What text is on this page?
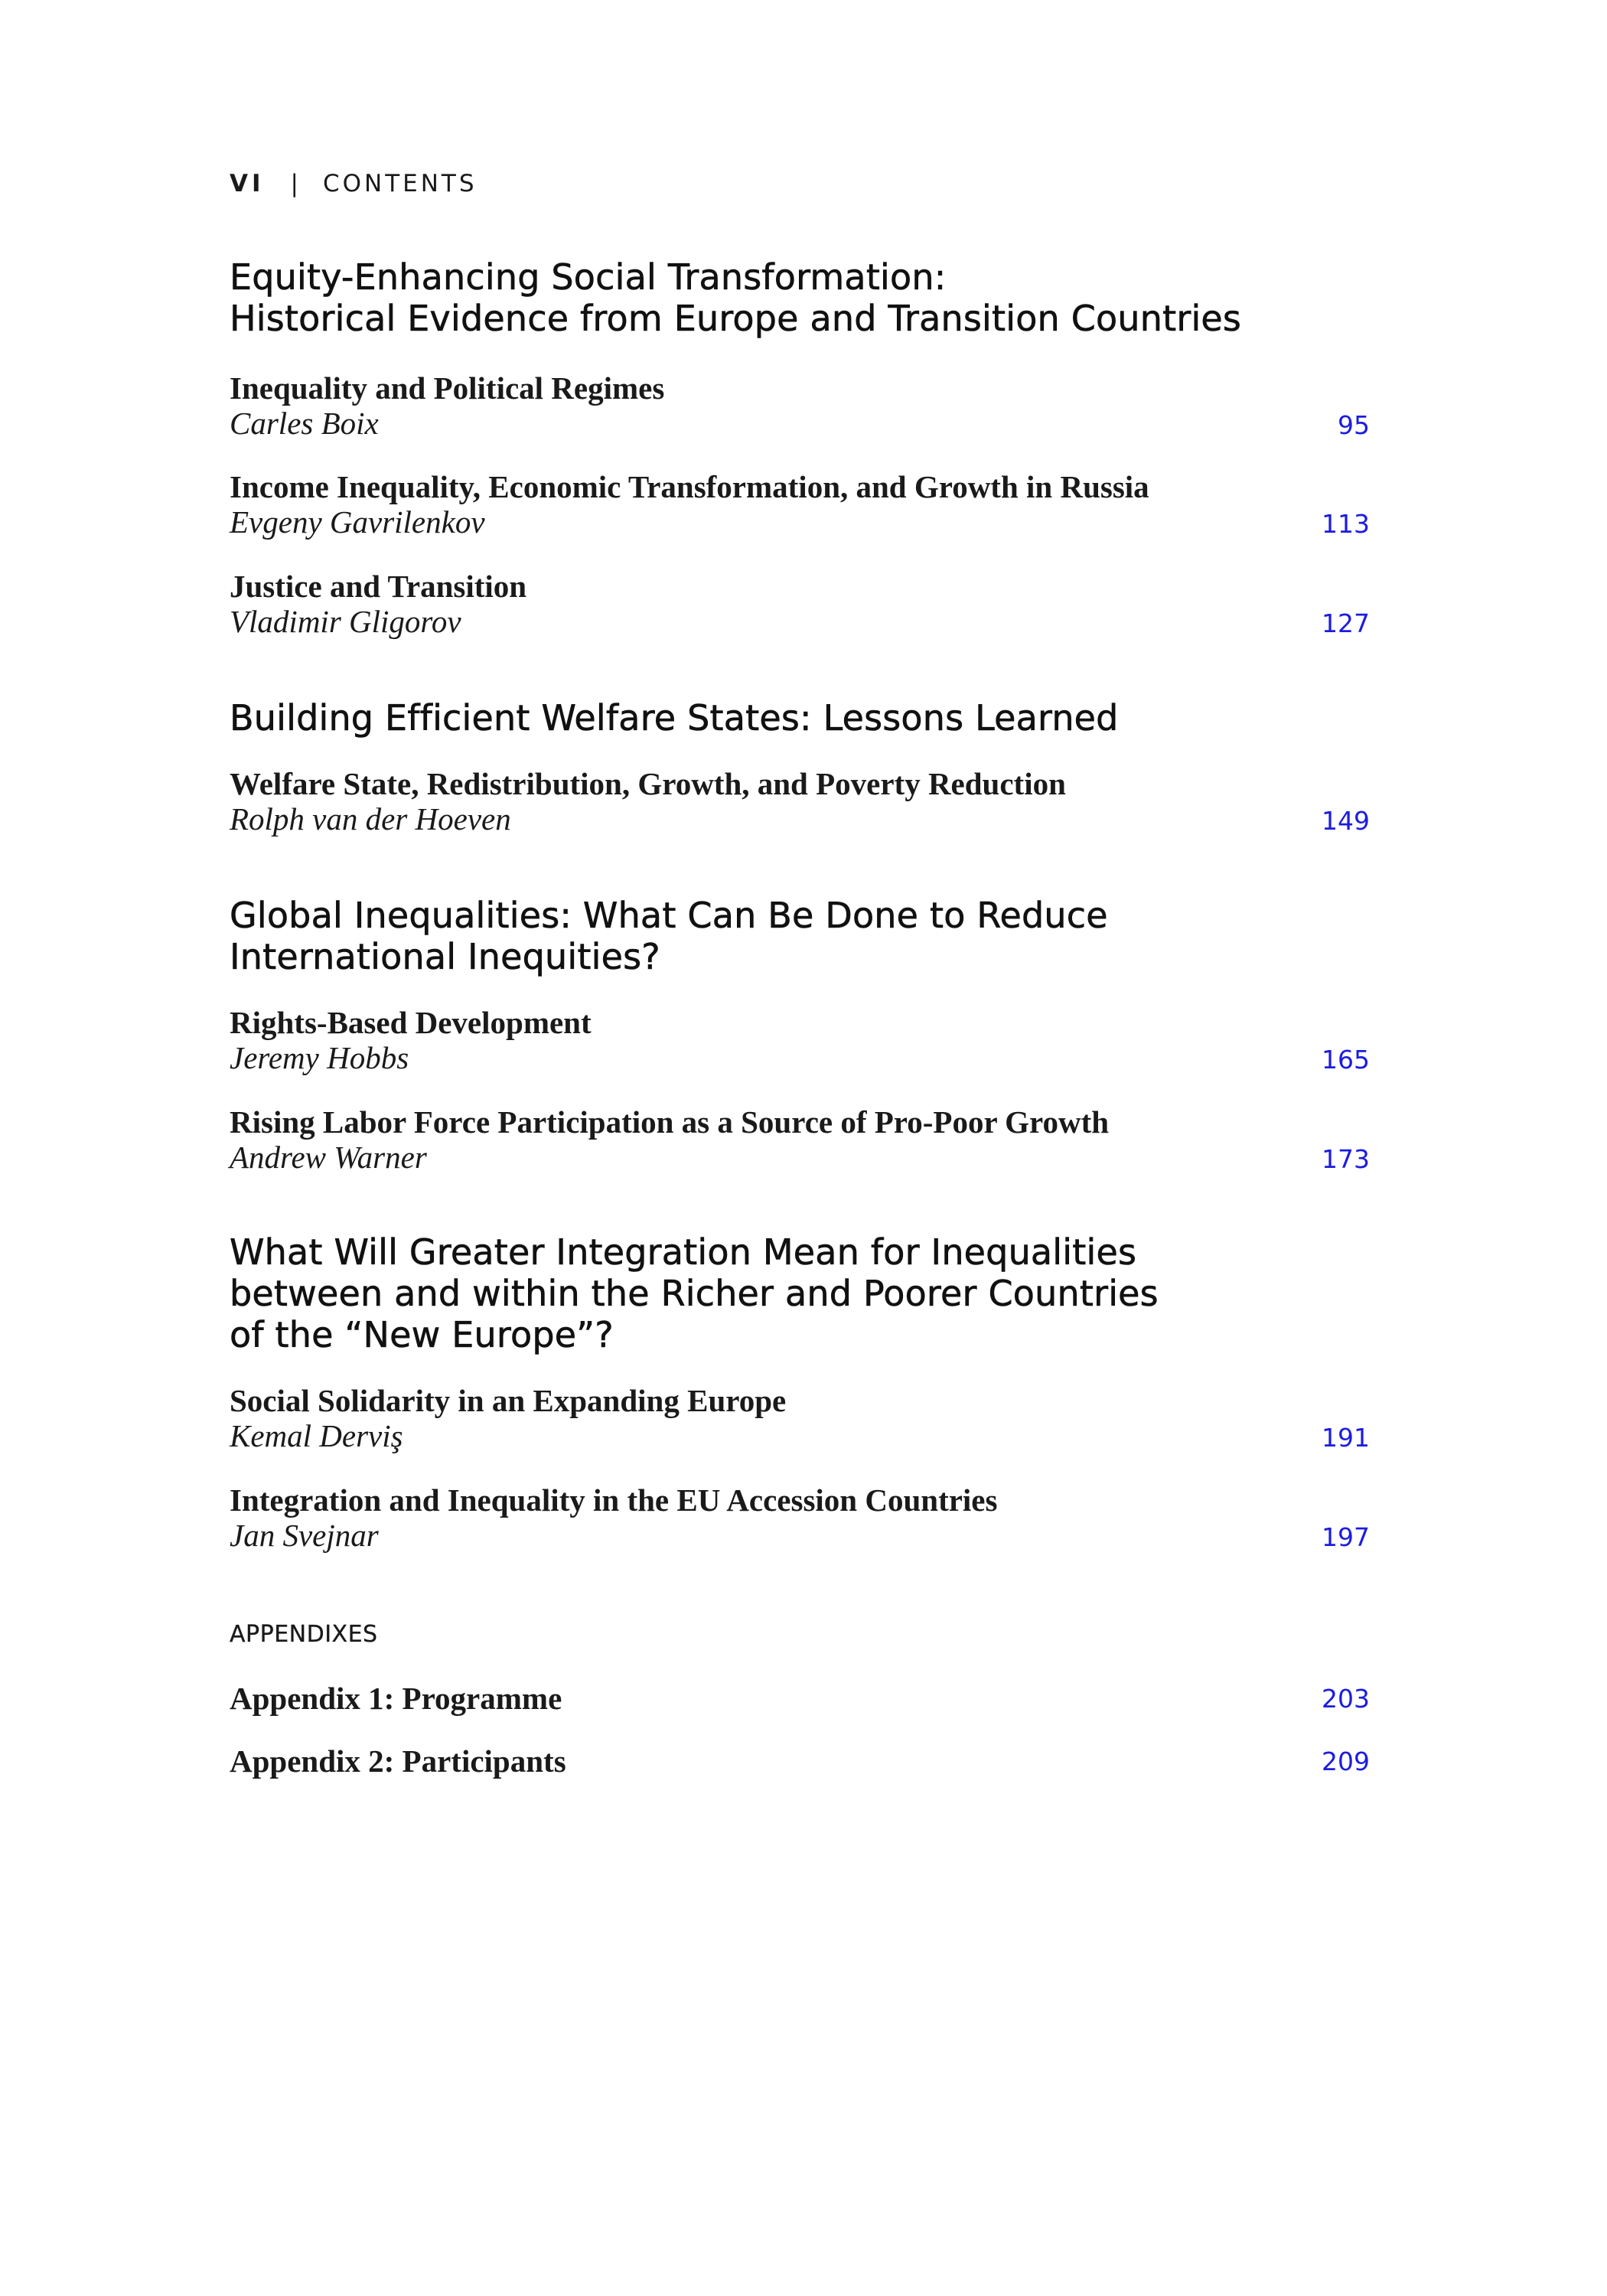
VI | CONTENTS
Equity-Enhancing Social Transformation:
Historical Evidence from Europe and Transition Countries
Inequality and Political Regimes
Carles Boix	95
Income Inequality, Economic Transformation, and Growth in Russia
Evgeny Gavrilenkov	113
Justice and Transition
Vladimir Gligorov	127
Building Efficient Welfare States: Lessons Learned
Welfare State, Redistribution, Growth, and Poverty Reduction
Rolph van der Hoeven	149
Global Inequalities: What Can Be Done to Reduce
International Inequities?
Rights-Based Development
Jeremy Hobbs	165
Rising Labor Force Participation as a Source of Pro-Poor Growth
Andrew Warner	173
What Will Greater Integration Mean for Inequalities
between and within the Richer and Poorer Countries
of the “New Europe”?
Social Solidarity in an Expanding Europe
Kemal Derviş	191
Integration and Inequality in the EU Accession Countries
Jan Svejnar	197
APPENDIXES
Appendix 1: Programme	203
Appendix 2: Participants	209
